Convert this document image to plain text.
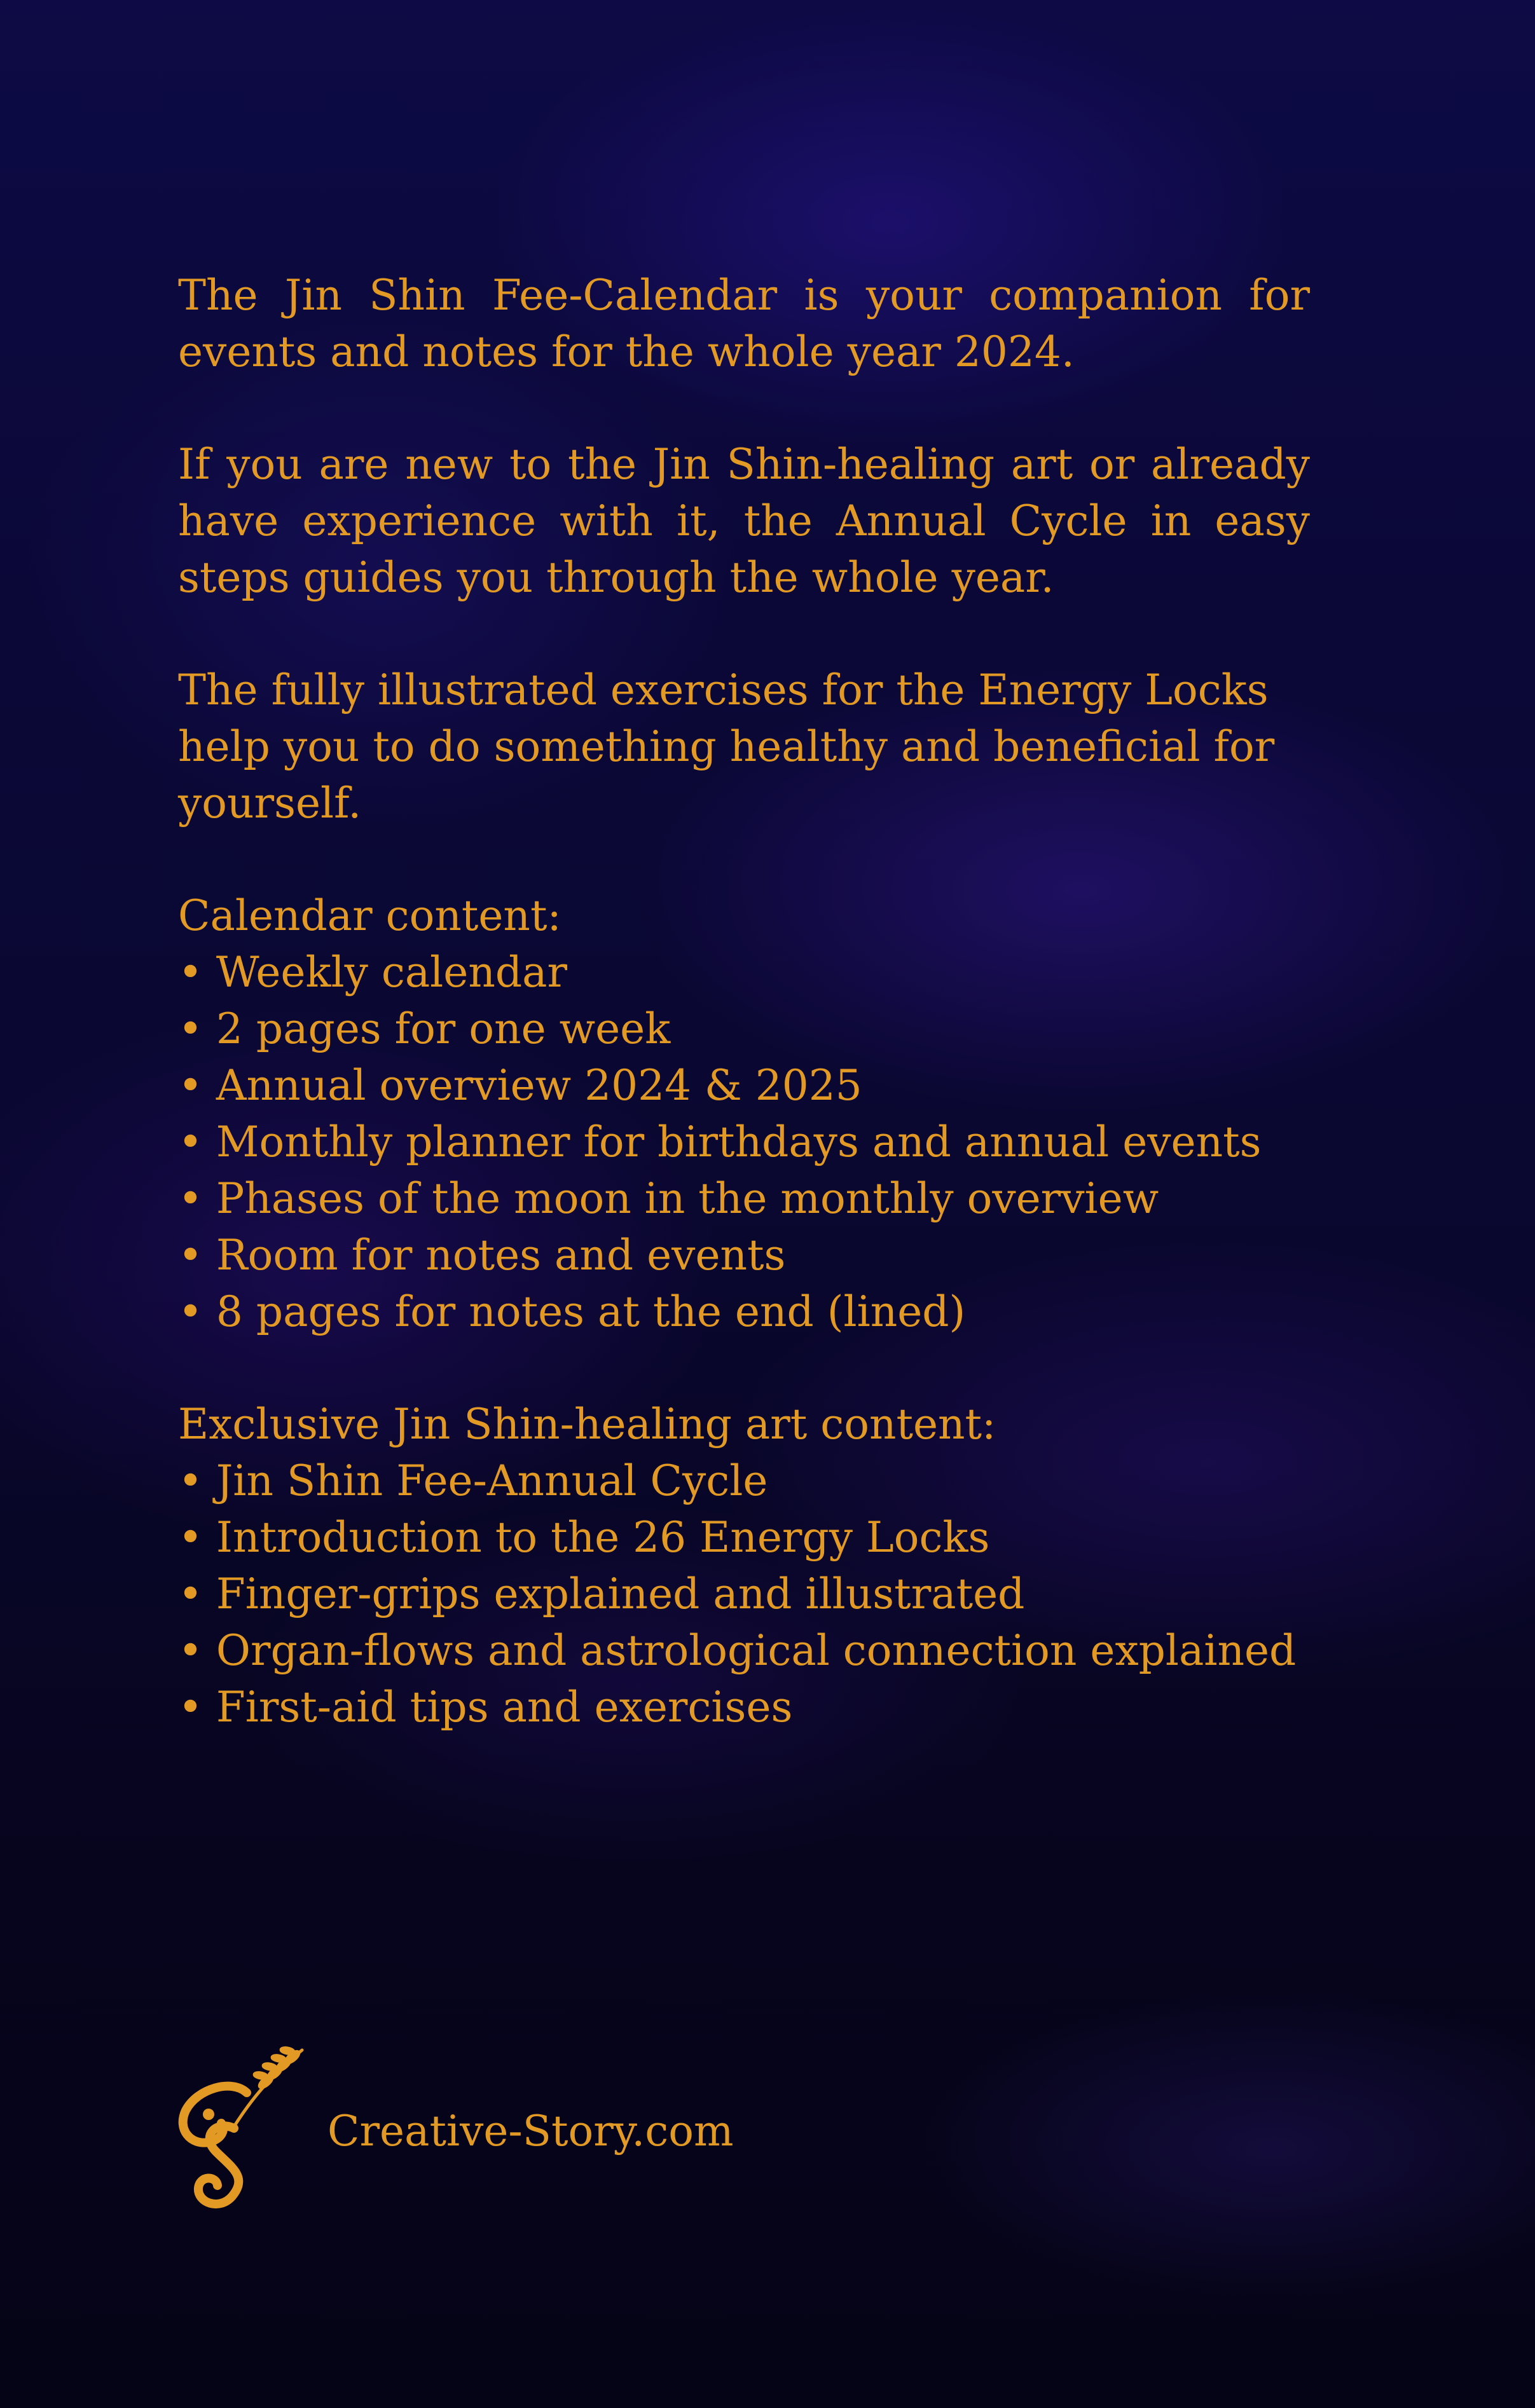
The Jin Shin Fee-Calendar is your companion for events and notes for the whole year 2024.

If you are new to the Jin Shin-healing art or already have experience with it, the Annual Cycle in easy steps guides you through the whole year.

The fully illustrated exercises for the Energy Locks help you to do something healthy and beneficial for yourself.

Calendar content:

• Weekly calendar
• 2 pages for one week
• Annual overview 2024 & 2025
• Monthly planner for birthdays and annual events
• Phases of the moon in the monthly overview
• Room for notes and events
• 8 pages for notes at the end (lined)

Exclusive Jin Shin-healing art content:

• Jin Shin Fee-Annual Cycle
• Introduction to the 26 Energy Locks
• Finger-grips explained and illustrated
• Organ-flows and astrological connection explained
• First-aid tips and exercises
Creative-Story.com
